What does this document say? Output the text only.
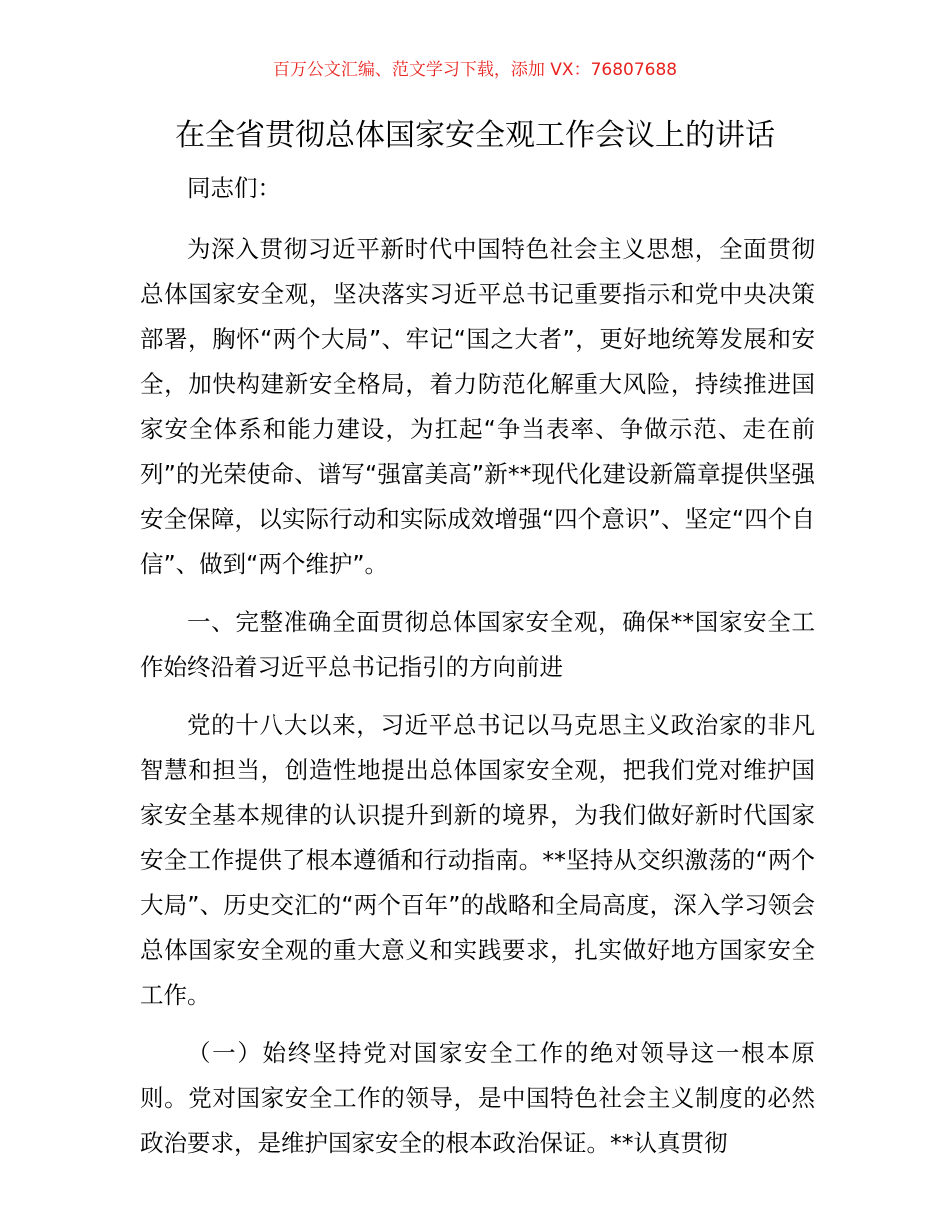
百万公文汇编、范文学习下载，添加 VX：76807688
在全省贯彻总体国家安全观工作会议上的讲话

同志们：

为深入贯彻习近平新时代中国特色社会主义思想，全面贯彻总体国家安全观，坚决落实习近平总书记重要指示和党中央决策部署，胸怀“两个大局”、牢记“国之大者”，更好地统筹发展和安全，加快构建新安全格局，着力防范化解重大风险，持续推进国家安全体系和能力建设，为扛起“争当表率、争做示范、走在前列”的光荣使命、谱写“强富美高”新**现代化建设新篇章提供坚强安全保障，以实际行动和实际成效增强“四个意识”、坚定“四个自信”、做到“两个维护”。

一、完整准确全面贯彻总体国家安全观，确保**国家安全工作始终沿着习近平总书记指引的方向前进

党的十八大以来，习近平总书记以马克思主义政治家的非凡智慧和担当，创造性地提出总体国家安全观，把我们党对维护国家安全基本规律的认识提升到新的境界，为我们做好新时代国家安全工作提供了根本遵循和行动指南。**坚持从交织激荡的“两个大局”、历史交汇的“两个百年”的战略和全局高度，深入学习领会总体国家安全观的重大意义和实践要求，扎实做好地方国家安全工作。

（一）始终坚持党对国家安全工作的绝对领导这一根本原则。党对国家安全工作的领导，是中国特色社会主义制度的必然政治要求，是维护国家安全的根本政治保证。**认真贯彻
